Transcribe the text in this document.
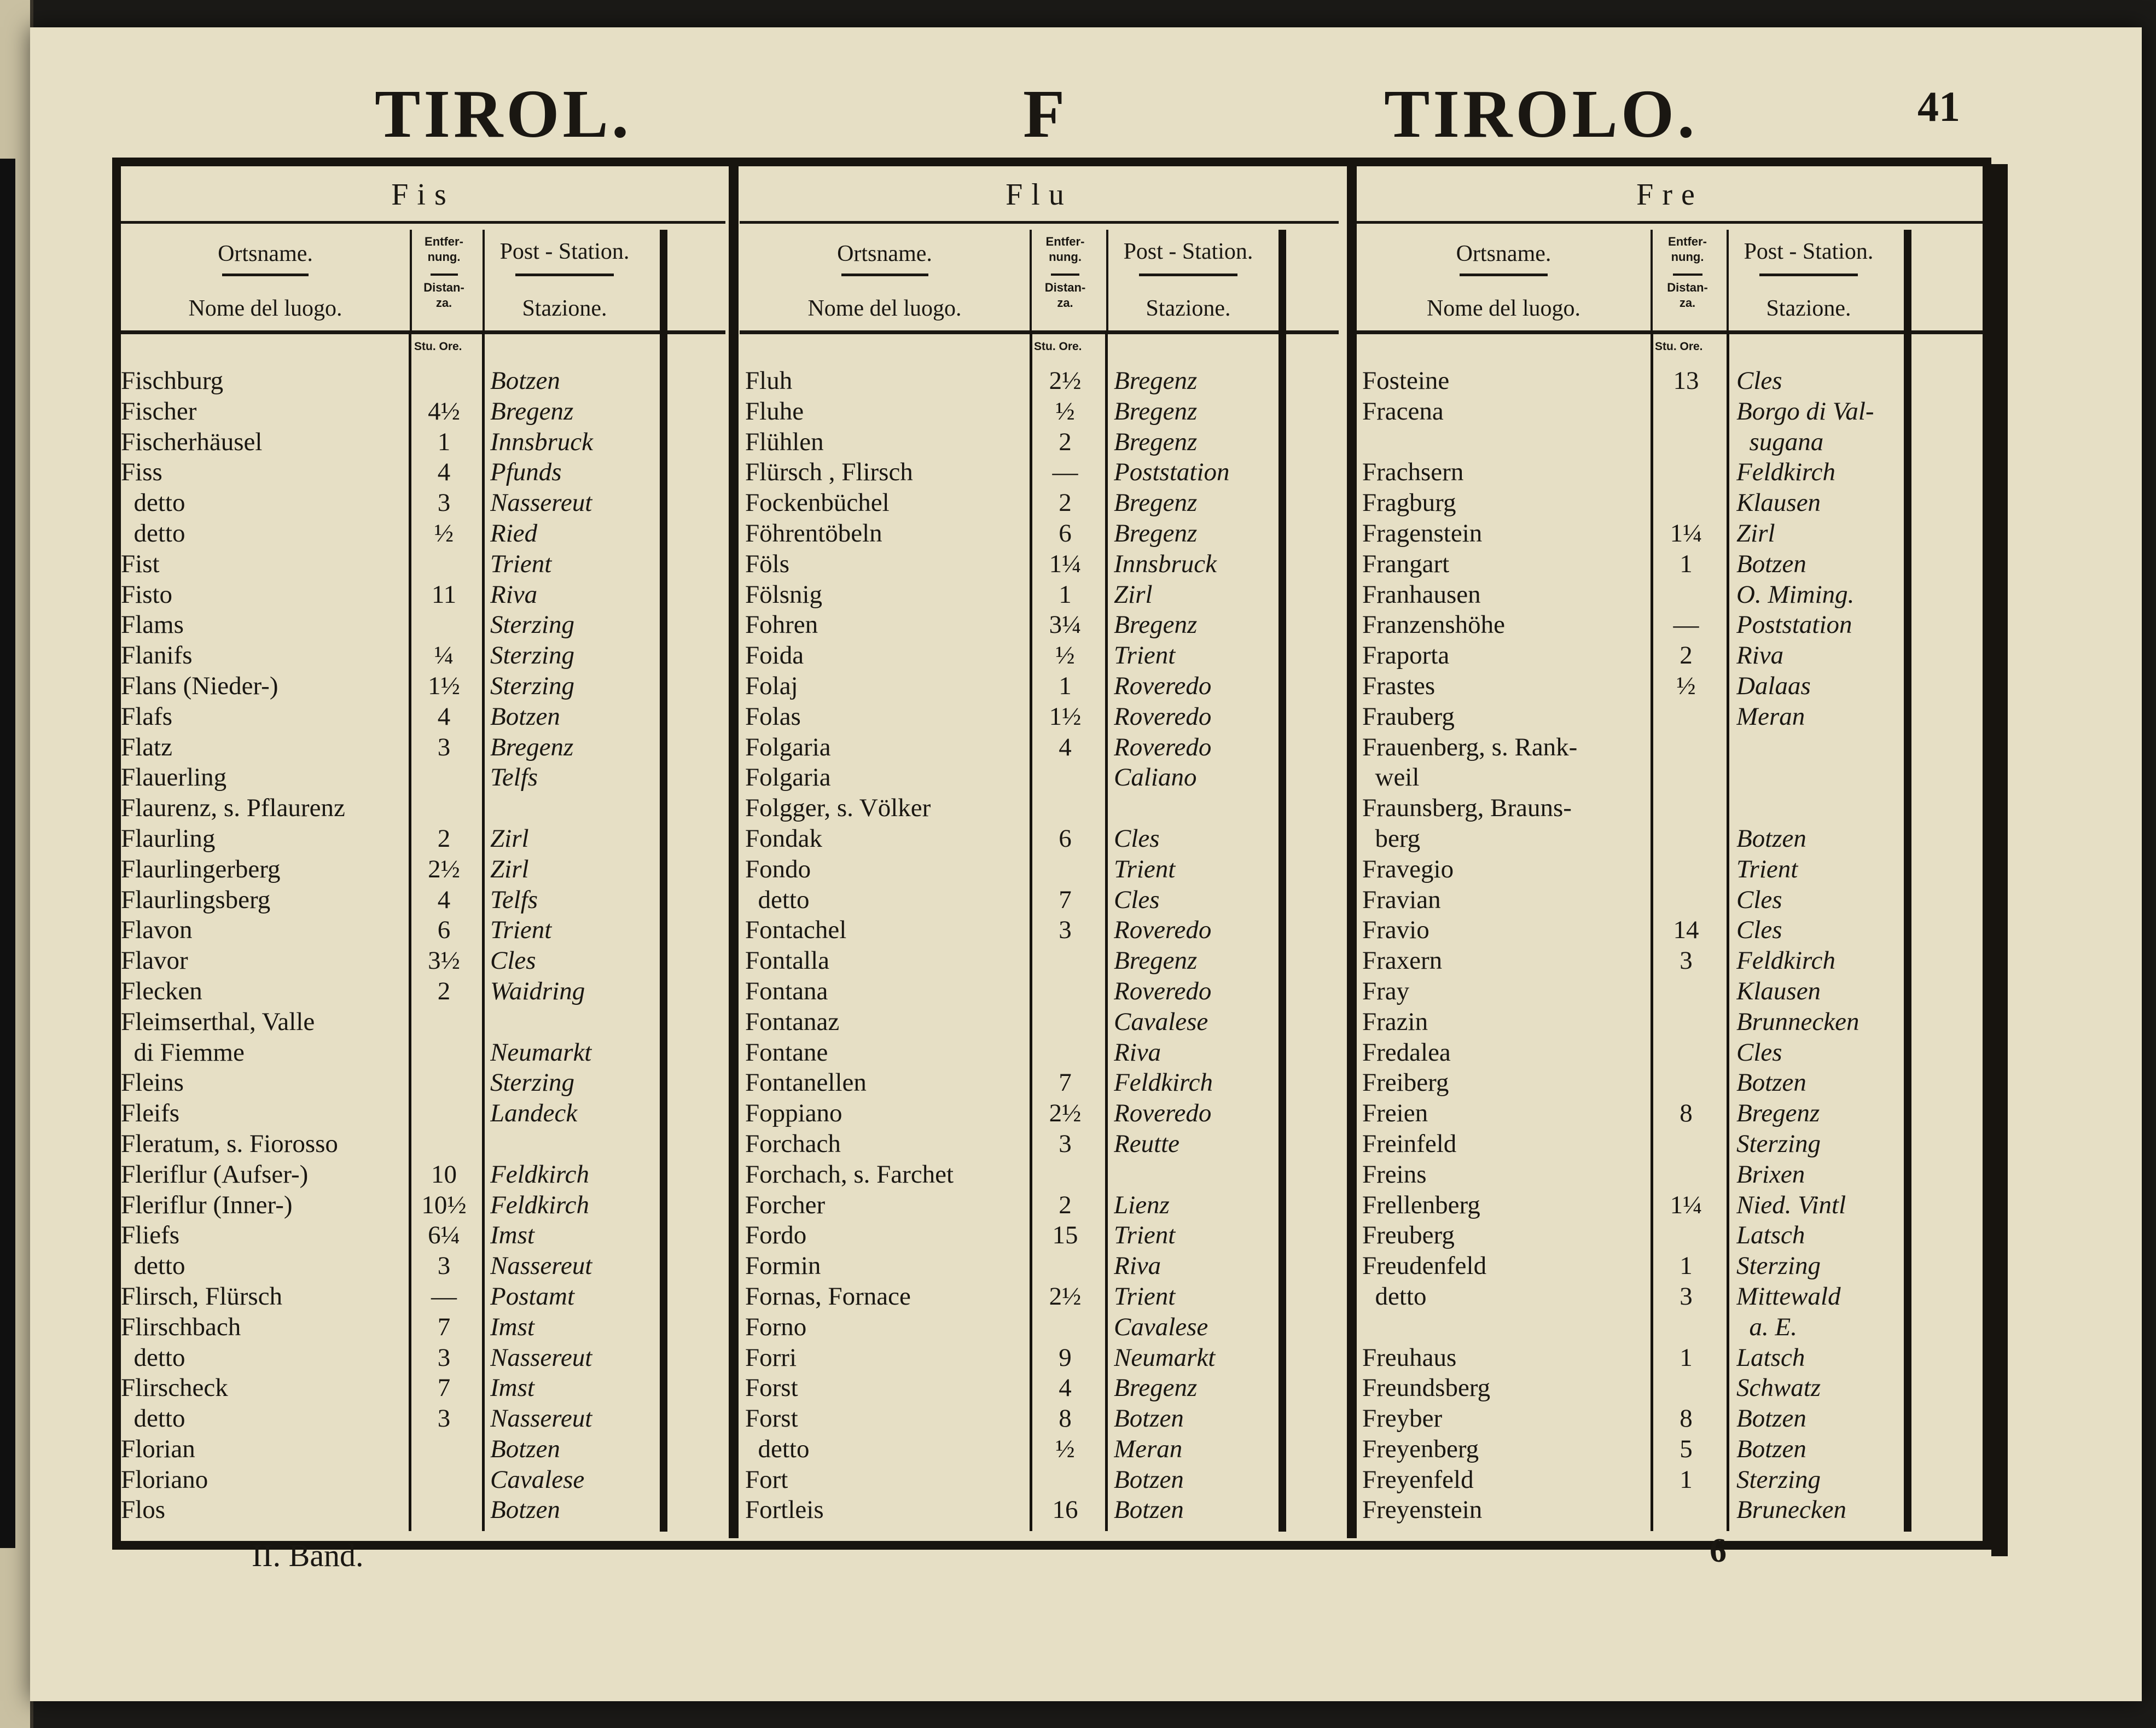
TIROL.	F	TIROLO.	41
Fis
Ortsname.
Nome del luogo.
Entfer-
nung.
Distan-
za.
Post - Station.
Stazione.
Stu. Ore.
Fischburg	Botzen
Fischer	4½	Bregenz
Fischerhäusel	1	Innsbruck
Fiss	4	Pfunds
detto	3	Nassereut
detto	½	Ried
Fist	Trient
Fisto	11	Riva
Flams	Sterzing
Flanifs	¼	Sterzing
Flans (Nieder-)	1½	Sterzing
Flafs	4	Botzen
Flatz	3	Bregenz
Flauerling	Telfs
Flaurenz, s. Pflaurenz
Flaurling	2	Zirl
Flaurlingerberg	2½	Zirl
Flaurlingsberg	4	Telfs
Flavon	6	Trient
Flavor	3½	Cles
Flecken	2	Waidring
Fleimserthal, Valle
di Fiemme	Neumarkt
Fleins	Sterzing
Fleifs	Landeck
Fleratum, s. Fiorosso
Fleriflur (Aufser-)	10	Feldkirch
Fleriflur (Inner-)	10½ Feldkirch
Fliefs	6¼	Imst
detto	3	Nassereut
Flirsch, Flürsch	—	Postamt
Flirschbach	7	Imst
detto	3	Nassereut
Flirscheck	7	Imst
detto	3	Nassereut
Florian	Botzen
Floriano	Cavalese
Flos	Botzen
Flu
Ortsname.
Nome del luogo.
Entfer-
nung.
Distan-
za.
Post - Station.
Stazione.
Stu. Ore.
Fluh	2½	Bregenz
Fluhe	½	Bregenz
Flühlen	2	Bregenz
Flürsch , Flirsch	—	Poststation
Fockenbüchel	2	Bregenz
Föhrentöbeln	6	Bregenz
Föls	1¼	Innsbruck
Fölsnig	1	Zirl
Fohren	3¼	Bregenz
Foida	½	Trient
Folaj	1	Roveredo
Folas	1½	Roveredo
Folgaria	4	Roveredo
Folgaria	Caliano
Folgger, s. Völker
Fondak	6	Cles
Fondo	Trient
detto	7	Cles
Fontachel	3	Roveredo
Fontalla	Bregenz
Fontana	Roveredo
Fontanaz	Cavalese
Fontane	Riva
Fontanellen	7	Feldkirch
Foppiano	2½	Roveredo
Forchach	3	Reutte
Forchach, s. Farchet
Forcher	2	Lienz
Fordo	15	Trient
Formin	Riva
Fornas, Fornace	2½	Trient
Forno	Cavalese
Forri	9	Neumarkt
Forst	4	Bregenz
Forst	8	Botzen
detto	½	Meran
Fort	Botzen
Fortleis	16	Botzen
Fre
Ortsname.
Nome del luogo.
Entfer-
nung.
Distan-
za.
Post - Station.
Stazione.
Stu. Ore.
Fosteine	13	Cles
Fracena	Borgo di Val-
sugana
Frachsern	Feldkirch
Fragburg	Klausen
Fragenstein	1¼	Zirl
Frangart	1	Botzen
Franhausen	O. Miming.
Franzenshöhe	—	Poststation
Fraporta	2	Riva
Frastes	½	Dalaas
Frauberg	Meran
Frauenberg, s. Rank-
weil
Fraunsberg, Brauns-
berg	Botzen
Fravegio	Trient
Fravian	Cles
Fravio	14	Cles
Fraxern	3	Feldkirch
Fray	Klausen
Frazin	Brunnecken
Fredalea	Cles
Freiberg	Botzen
Freien	8	Bregenz
Freinfeld	Sterzing
Freins	Brixen
Frellenberg	1¼	Nied. Vintl
Freuberg	Latsch
Freudenfeld	1	Sterzing
detto	3	Mittewald
a. E.
Freuhaus	1	Latsch
Freundsberg	Schwatz
Freyber	8	Botzen
Freyenberg	5	Botzen
Freyenfeld	1	Sterzing
Freyenstein	Brunecken
II. Band.	6
